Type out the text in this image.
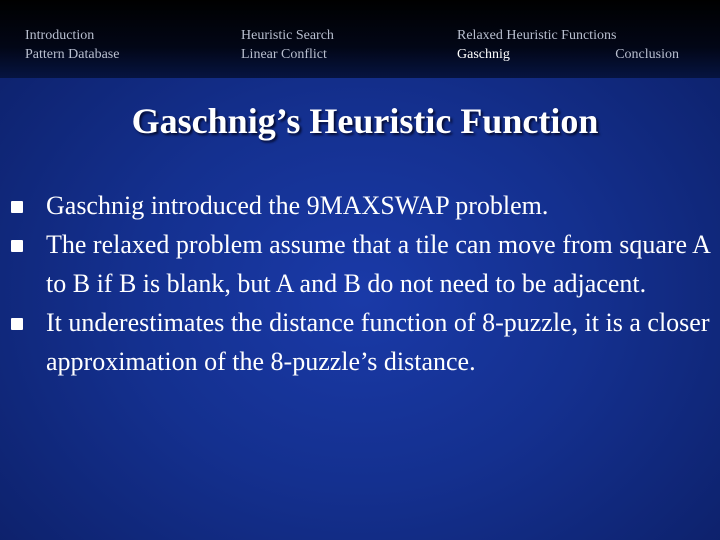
Introduction
Pattern Database
Heuristic Search
Linear Conflict
Relaxed Heuristic Functions
Gaschnig	Conclusion
Gaschnig’s Heuristic Function
Gaschnig introduced the 9MAXSWAP problem.
The relaxed problem assume that a tile can move from square A to B if B is blank, but A and B do not need to be adjacent.
It underestimates the distance function of 8-puzzle, it is a closer approximation of the 8-puzzle’s distance.
